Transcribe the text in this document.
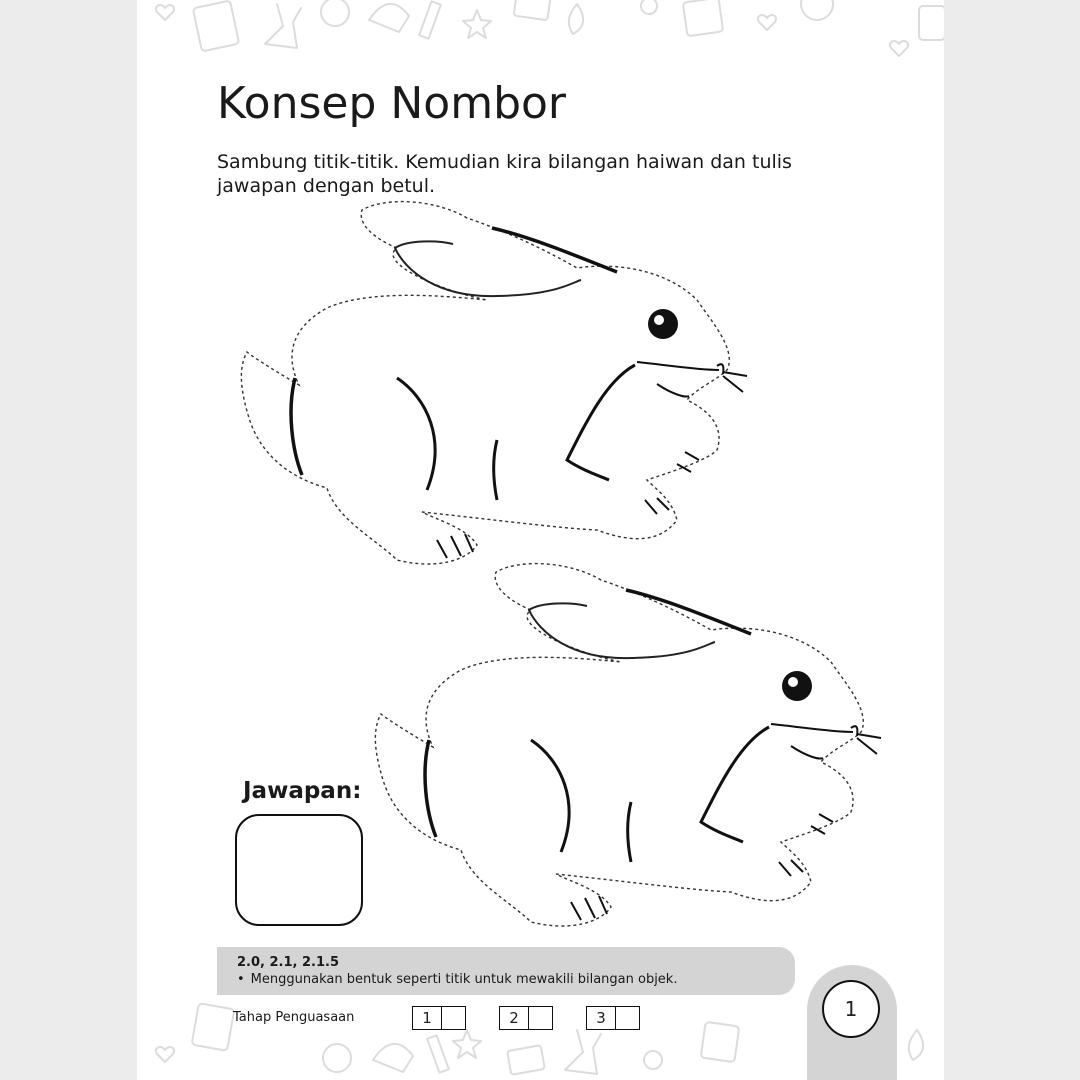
Konsep Nombor

Sambung titik-titik. Kemudian kira bilangan haiwan dan tulis jawapan dengan betul.

Jawapan:

2.0, 2.1, 2.1.5
• Menggunakan bentuk seperti titik untuk mewakili bilangan objek.
Tahap Penguasaan	1	2	3	1
